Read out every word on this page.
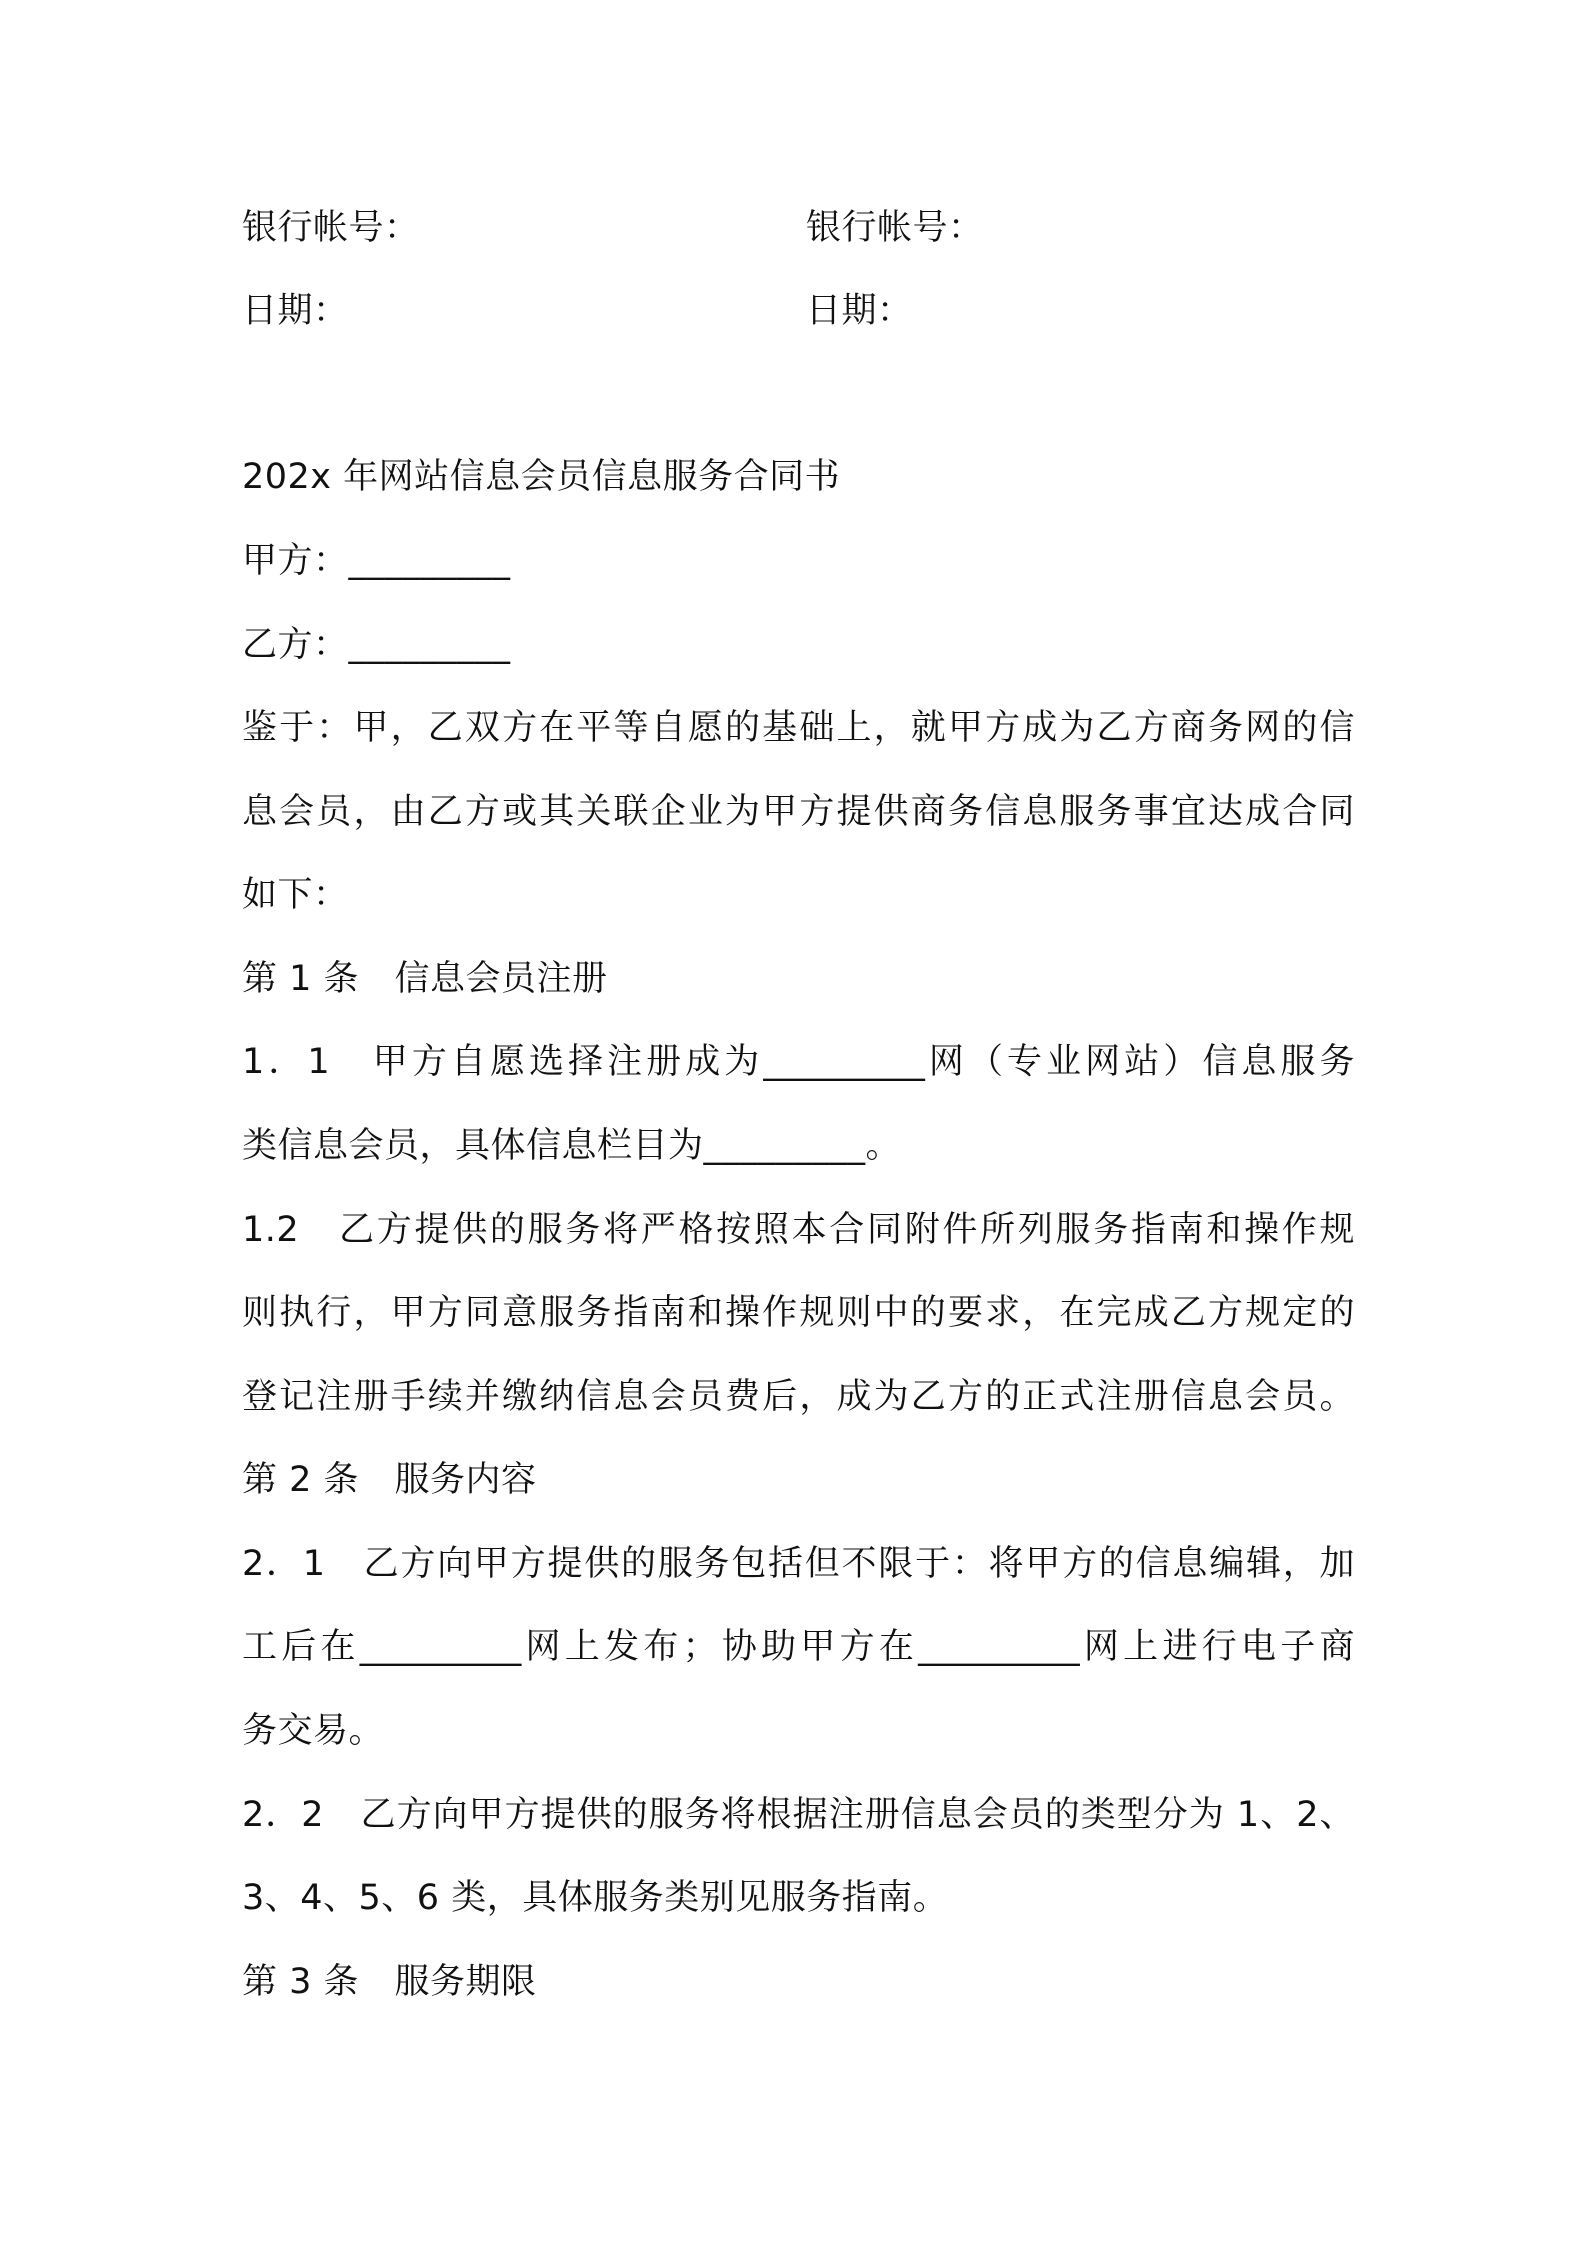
银行帐号：	银行帐号：
日期：	日期：
202x 年网站信息会员信息服务合同书
甲方：_________
乙方：_________
鉴于：甲，乙双方在平等自愿的基础上，就甲方成为乙方商务网的信
息会员，由乙方或其关联企业为甲方提供商务信息服务事宜达成合同
如下：
第 1 条　信息会员注册
1．1　甲方自愿选择注册成为_________网（专业网站）信息服务
类信息会员，具体信息栏目为_________。
1.2　乙方提供的服务将严格按照本合同附件所列服务指南和操作规
则执行，甲方同意服务指南和操作规则中的要求，在完成乙方规定的
登记注册手续并缴纳信息会员费后，成为乙方的正式注册信息会员。
第 2 条　服务内容
2．1　乙方向甲方提供的服务包括但不限于：将甲方的信息编辑，加
工后在_________网上发布；协助甲方在_________网上进行电子商
务交易。
2．2　乙方向甲方提供的服务将根据注册信息会员的类型分为 1、2、
3、4、5、6 类，具体服务类别见服务指南。
第 3 条　服务期限
